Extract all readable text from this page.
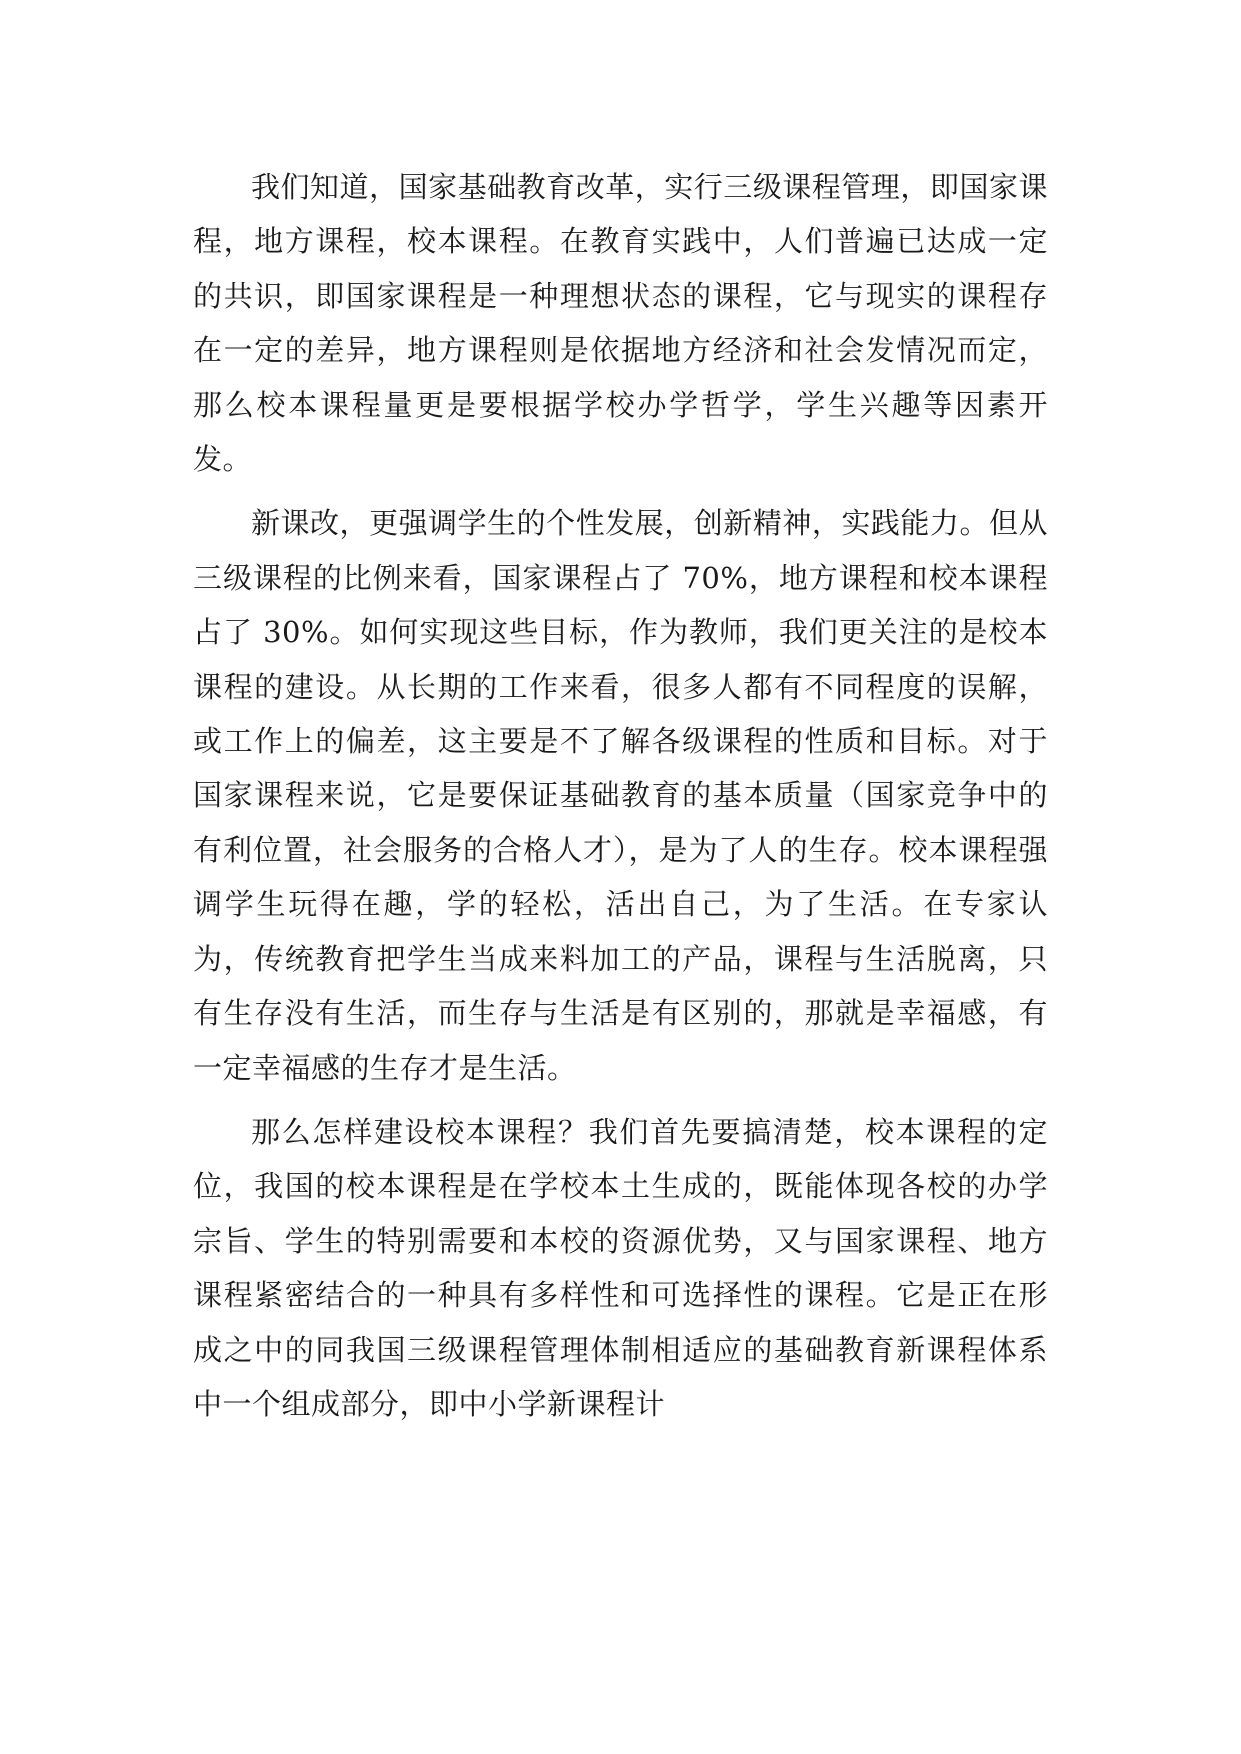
我们知道，国家基础教育改革，实行三级课程管理，即国家课程，地方课程，校本课程。在教育实践中，人们普遍已达成一定的共识，即国家课程是一种理想状态的课程，它与现实的课程存在一定的差异，地方课程则是依据地方经济和社会发情况而定，那么校本课程量更是要根据学校办学哲学，学生兴趣等因素开发。

新课改，更强调学生的个性发展，创新精神，实践能力。但从三级课程的比例来看，国家课程占了 70%，地方课程和校本课程占了 30%。如何实现这些目标，作为教师，我们更关注的是校本课程的建设。从长期的工作来看，很多人都有不同程度的误解，或工作上的偏差，这主要是不了解各级课程的性质和目标。对于国家课程来说，它是要保证基础教育的基本质量（国家竞争中的有利位置，社会服务的合格人才），是为了人的生存。校本课程强调学生玩得在趣，学的轻松，活出自己，为了生活。在专家认为，传统教育把学生当成来料加工的产品，课程与生活脱离，只有生存没有生活，而生存与生活是有区别的，那就是幸福感，有一定幸福感的生存才是生活。

那么怎样建设校本课程？我们首先要搞清楚，校本课程的定位，我国的校本课程是在学校本土生成的，既能体现各校的办学宗旨、学生的特别需要和本校的资源优势，又与国家课程、地方课程紧密结合的一种具有多样性和可选择性的课程。它是正在形成之中的同我国三级课程管理体制相适应的基础教育新课程体系中一个组成部分，即中小学新课程计
